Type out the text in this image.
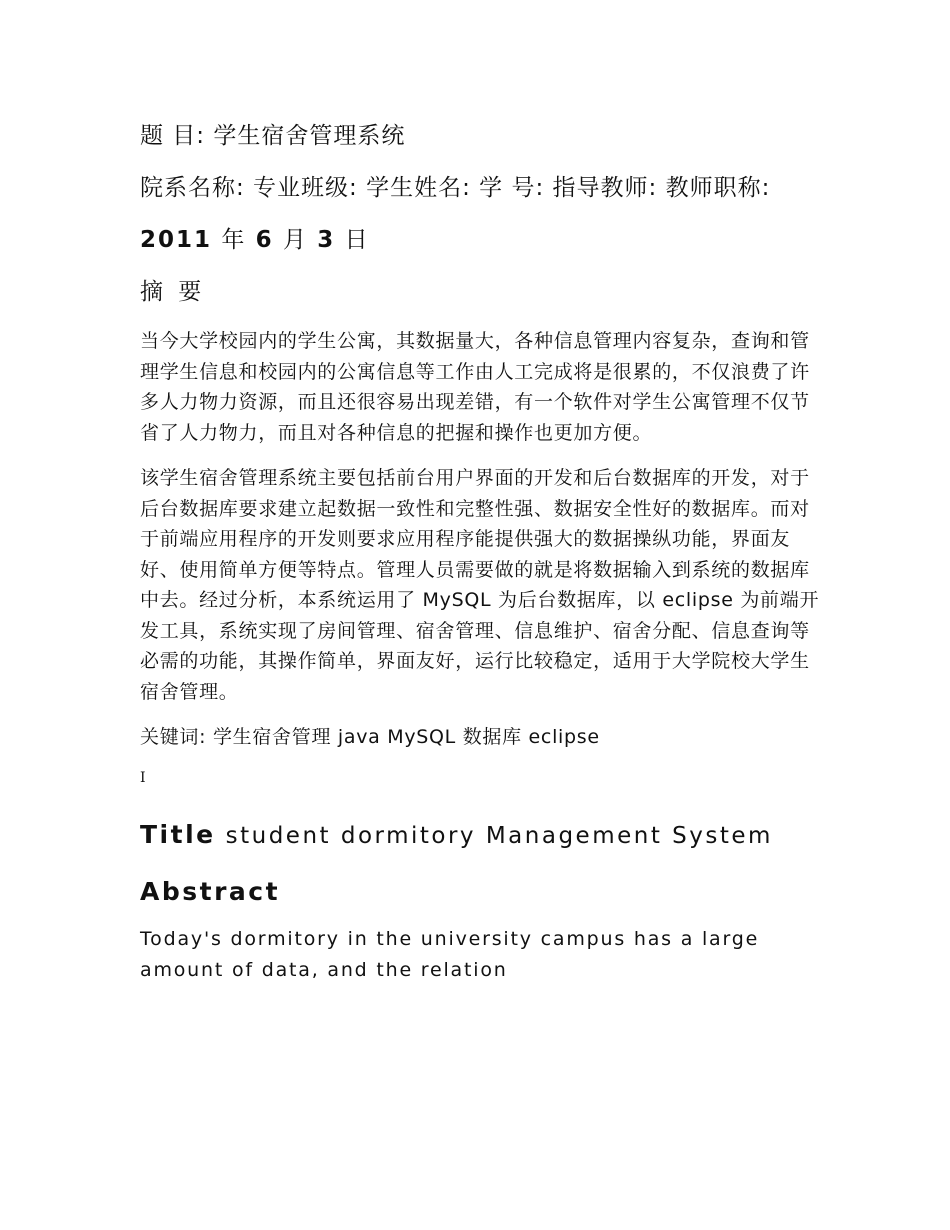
题 目: 学生宿舍管理系统

院系名称: 专业班级: 学生姓名: 学 号: 指导教师: 教师职称:

2011 年 6 月 3 日

摘 要

当今大学校园内的学生公寓，其数据量大，各种信息管理内容复杂，查询和管理学生信息和校园内的公寓信息等工作由人工完成将是很累的，不仅浪费了许多人力物力资源，而且还很容易出现差错，有一个软件对学生公寓管理不仅节省了人力物力，而且对各种信息的把握和操作也更加方便。

该学生宿舍管理系统主要包括前台用户界面的开发和后台数据库的开发，对于后台数据库要求建立起数据一致性和完整性强、数据安全性好的数据库。而对于前端应用程序的开发则要求应用程序能提供强大的数据操纵功能，界面友好、使用简单方便等特点。管理人员需要做的就是将数据输入到系统的数据库中去。经过分析，本系统运用了 MySQL 为后台数据库，以 eclipse 为前端开发工具，系统实现了房间管理、宿舍管理、信息维护、宿舍分配、信息查询等必需的功能，其操作简单，界面友好，运行比较稳定，适用于大学院校大学生宿舍管理。

关键词: 学生宿舍管理 java MySQL 数据库 eclipse

I

Title student dormitory Management System

Abstract

Today's dormitory in the university campus has a large amount of data, and the relation
